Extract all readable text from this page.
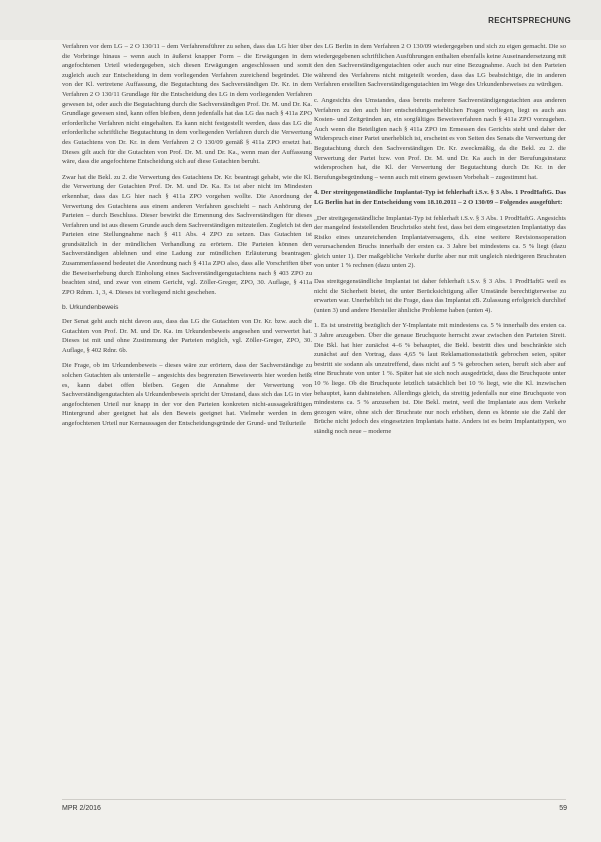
RECHTSPRECHUNG

Verfahren vor dem LG – 2 O 130/11 – dem Verfahrensführer zu sehen, dass das LG hier über die Vorbringe hinaus – wenn auch in äußerst knapper Form – die Erwägungen in dem angefochtenen Urteil wiedergegeben, sich diesen Erwägungen angeschlossen und somit zugleich auch zur Entscheidung in dem vorliegenden Verfahren zureichend begründet. Die von der Kl. vertretene Auffassung, die Begutachtung des Sachverständigen Dr. Kr. in dem Verfahren 2 O 130/11 Grundlage für die Entscheidung des LG in dem vorliegenden Verfahren gewesen ist, oder auch die Begutachtung durch die Sachverständigen Prof. Dr. M. und Dr. Ka. Grundlage gewesen sind, kann offen bleiben, denn jedenfalls hat das LG das nach § 411a ZPO erforderliche Verfahren nicht eingehalten. Es kann nicht festgestellt werden, dass das LG die erforderliche schriftliche Begutachtung in dem vorliegenden Verfahren durch die Verwertung des Gutachtens von Dr. Kr. in dem Verfahren 2 O 130/09 gemäß § 411a ZPO ersetzt hat. Dieses gilt auch für die Gutachten von Prof. Dr. M. und Dr. Ka., wenn man der Auffassung wäre, dass die angefochtene Entscheidung sich auf diese Gutachten beruht.

Zwar hat die Bekl. zu 2. die Verwertung des Gutachtens Dr. Kr. beantragt gehabt, wie die Kl. die Verwertung der Gutachten Prof. Dr. M. und Dr. Ka. Es ist aber nicht im Mindesten erkennbar, dass das LG hier nach § 411a ZPO vorgehen wollte. Die Anordnung der Verwertung des Gutachtens aus einem anderen Verfahren geschieht – nach Anhörung der Parteien – durch Beschluss. Dieser bewirkt die Ernennung des Sachverständigen für dieses Verfahren und ist aus diesem Grunde auch dem Sachverständigen mitzuteilen. Zugleich ist den Parteien eine Stellungnahme nach § 411 Abs. 4 ZPO zu setzen. Das Gutachten ist grundsätzlich in der mündlichen Verhandlung zu erörtern. Die Parteien können den Sachverständigen ablehnen und eine Ladung zur mündlichen Erläuterung beantragen. Zusammenfassend bedeutet die Anordnung nach § 411a ZPO also, dass alle Vorschriften über die Beweiserhebung durch Einholung eines Sachverständigengutachtens nach § 403 ZPO zu beachten sind, und zwar von einem Gericht, vgl. Zöller-Greger, ZPO, 30. Auflage, § 411a ZPO Rdnm. 1, 3, 4. Dieses ist vorliegend nicht geschehen.

b. Urkundenbeweis

Der Senat geht auch nicht davon aus, dass das LG die Gutachten von Dr. Kr. bzw. auch die Gutachten von Prof. Dr. M. und Dr. Ka. im Urkundenbeweis angesehen und verwertet hat. Dieses ist mit und ohne Zustimmung der Parteien möglich, vgl. Zöller-Greger, ZPO, 30. Auflage, § 402 Rdnr. 6b.

Die Frage, ob im Urkundenbeweis – dieses wäre zur erörtern, dass der Sachverständige zu solchen Gutachten als unterstelle – angesichts des begrenzten Beweiswerts hier worden heißt es, kann dabei offen bleiben. Gegen die Annahme der Verwertung von Sachverständigengutachten als Urkundenbeweis spricht der Umstand, dass sich das LG in vier angefochtenen Urteil nur knapp in der vor den Parteien konkreten nicht-aussagekräftigen Hintergrund aber geeignet hat als den Beweis geeignet hat. Vielmehr werden in dem angefochtenen Urteil nur Kernaussagen der Entscheidungsgründe der Grund- und Teilurteile

des LG Berlin in dem Verfahren 2 O 130/09 wiedergegeben und sich zu eigen gemacht. Die so wiedergegebenen schriftlichen Ausführungen enthalten ebenfalls keine Auseinandersetzung mit den den Sachverständigengutachten oder auch nur eine Bezugnahme. Auch ist den Parteien während des Verfahrens nicht mitgeteilt worden, dass das LG beabsichtige, die in anderen Verfahren erstellten Sachverständigengutachten im Wege des Urkundenbeweises zu würdigen.

c. Angesichts des Umstandes, dass bereits mehrere Sachverständigengutachten aus anderen Verfahren zu den auch hier entscheidungserheblichen Fragen vorliegen, liegt es auch aus Kosten- und Zeitgründen an, ein sorgfältiges Beweisverfahren nach § 411a ZPO vorzugehen. Auch wenn die Beteiligten nach § 411a ZPO im Ermessen des Gerichts steht und daher der Widerspruch einer Partei unerheblich ist, erscheint es von Seiten des Senats die Verwertung der Begutachtung durch den Sachverständigen Dr. Kr. zweckmäßig, da die Bekl. zu 2. die Verwertung der Partei bzw. von Prof. Dr. M. und Dr. Ka auch in der Berufungsinstanz widersprochen hat, die Kl. der Verwertung der Begutachtung durch Dr. Kr. in der Berufungsbegründung – wenn auch mit einem gewissen Vorbehalt – zugestimmt hat.

4. Der streitgegenständliche Implantat-Typ ist fehlerhaft i.S.v. § 3 Abs. 1 ProdHaftG. Das LG Berlin hat in der Entscheidung vom 18.10.2011 – 2 O 130/09 – Folgendes ausgeführt:

„Der streitgegenständliche Implantat-Typ ist fehlerhaft i.S.v. § 3 Abs. 1 ProdHaftG. Angesichts der mangelnd feststellenden Bruchrisiko steht fest, dass bei dem eingesetzten Implantattyp das Risiko eines unzureichenden Implantatversagens, d.h. eine weitere Revisionsoperation verursachenden Bruchs innerhalb der ersten ca. 3 Jahre bei mindestens ca. 5 % liegt (dazu gleich unter 1). Der maßgebliche Verkehr durfte aber nur mit ungleich niedrigeren Bruchraten von unter 1 % rechnen (dazu unten 2).

Das streitgegenständliche Implantat ist daher fehlerhaft i.S.v. § 3 Abs. 1 ProdHaftG weil es nicht die Sicherheit bietet, die unter Berücksichtigung aller Umstände berechtigterweise zu erwarten war. Unerheblich ist die Frage, dass das Implantat zB. Zulassung erfolgreich durchlief (unten 3) und andere Hersteller ähnliche Probleme haben (unten 4).

1. Es ist unstreitig bezüglich der Y-Implantate mit mindestens ca. 5 % innerhalb des ersten ca. 3 Jahre anzugeben. Über die genaue Bruchquote herrscht zwar zwischen den Parteien Streit. Die Bkl. hat hier zunächst 4–6 % behauptet, die Bekl. bestritt dies und beschränkte sich zunächst auf den Vortrag, dass 4,65 % laut Reklamationsstatistik gebrochen seien, später bestritt sie sodann als unzutreffend, dass nicht auf 5 % gebrochen seien, beruft sich aber auf eine Bruchrate von unter 1 %. Später hat sie sich noch ausgedrückt, dass die Bruchquote unter 10 % liege. Ob die Bruchquote letztlich tatsächlich bei 10 % liegt, wie die Kl. inzwischen behauptet, kann dahinstehen. Allerdings gleich, da streitig jedenfalls nur eine Bruchquote von mindestens ca. 5 % anzusehen ist. Die Bekl. meint, weil die Implantate aus dem Verkehr gezogen wäre, ohne sich der Bruchrate nur noch erhöhen, denn es könnte sie die Zahl der Brüche nicht jedoch des eingesetzten Implantats hatte. Anders ist es beim Implantattypen, wo ständig noch neue – moderne

MPR 2/2016	59
